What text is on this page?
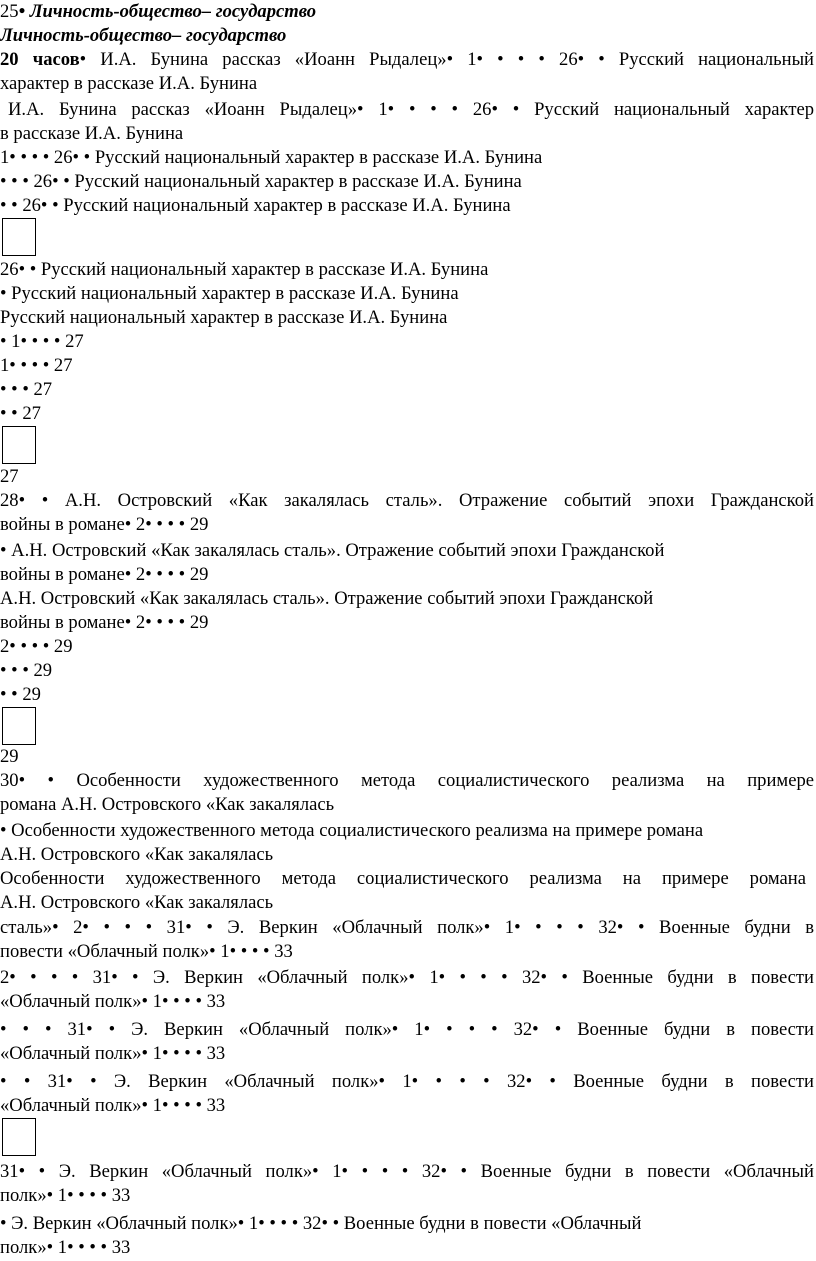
25• Личность-общество– государство
Личность-общество– государство
20 часов• И.А. Бунина рассказ «Иоанн Рыдалец»• 1• • • • 26• • Русский национальный
характер в рассказе И.А. Бунина
И.А. Бунина рассказ «Иоанн Рыдалец»• 1• • • • 26• • Русский национальный характер
в рассказе И.А. Бунина
1• • • • 26• • Русский национальный характер в рассказе И.А. Бунина
• • • 26• • Русский национальный характер в рассказе И.А. Бунина
• • 26• • Русский национальный характер в рассказе И.А. Бунина
26• • Русский национальный характер в рассказе И.А. Бунина
• Русский национальный характер в рассказе И.А. Бунина
Русский национальный характер в рассказе И.А. Бунина
• 1• • • • 27
1• • • • 27
• • • 27
• • 27
27
28• • А.Н. Островский «Как закалялась сталь». Отражение событий эпохи Гражданской
войны в романе• 2• • • • 29
• А.Н. Островский «Как закалялась сталь». Отражение событий эпохи Гражданской
войны в романе• 2• • • • 29
А.Н. Островский «Как закалялась сталь». Отражение событий эпохи Гражданской
войны в романе• 2• • • • 29
2• • • • 29
• • • 29
• • 29
29
30• • Особенности художественного метода социалистического реализма на примере
романа А.Н. Островского «Как закалялась
• Особенности художественного метода социалистического реализма на примере романа
А.Н. Островского «Как закалялась
Особенности художественного метода социалистического реализма на примере романа
А.Н. Островского «Как закалялась
сталь»• 2• • • • 31• • Э. Веркин «Облачный полк»• 1• • • • 32• • Военные будни в
повести «Облачный полк»• 1• • • • 33
2• • • • 31• • Э. Веркин «Облачный полк»• 1• • • • 32• • Военные будни в повести
«Облачный полк»• 1• • • • 33
• • • 31• • Э. Веркин «Облачный полк»• 1• • • • 32• • Военные будни в повести
«Облачный полк»• 1• • • • 33
• • 31• • Э. Веркин «Облачный полк»• 1• • • • 32• • Военные будни в повести
«Облачный полк»• 1• • • • 33
31• • Э. Веркин «Облачный полк»• 1• • • • 32• • Военные будни в повести «Облачный
полк»• 1• • • • 33
• Э. Веркин «Облачный полк»• 1• • • • 32• • Военные будни в повести «Облачный
полк»• 1• • • • 33
